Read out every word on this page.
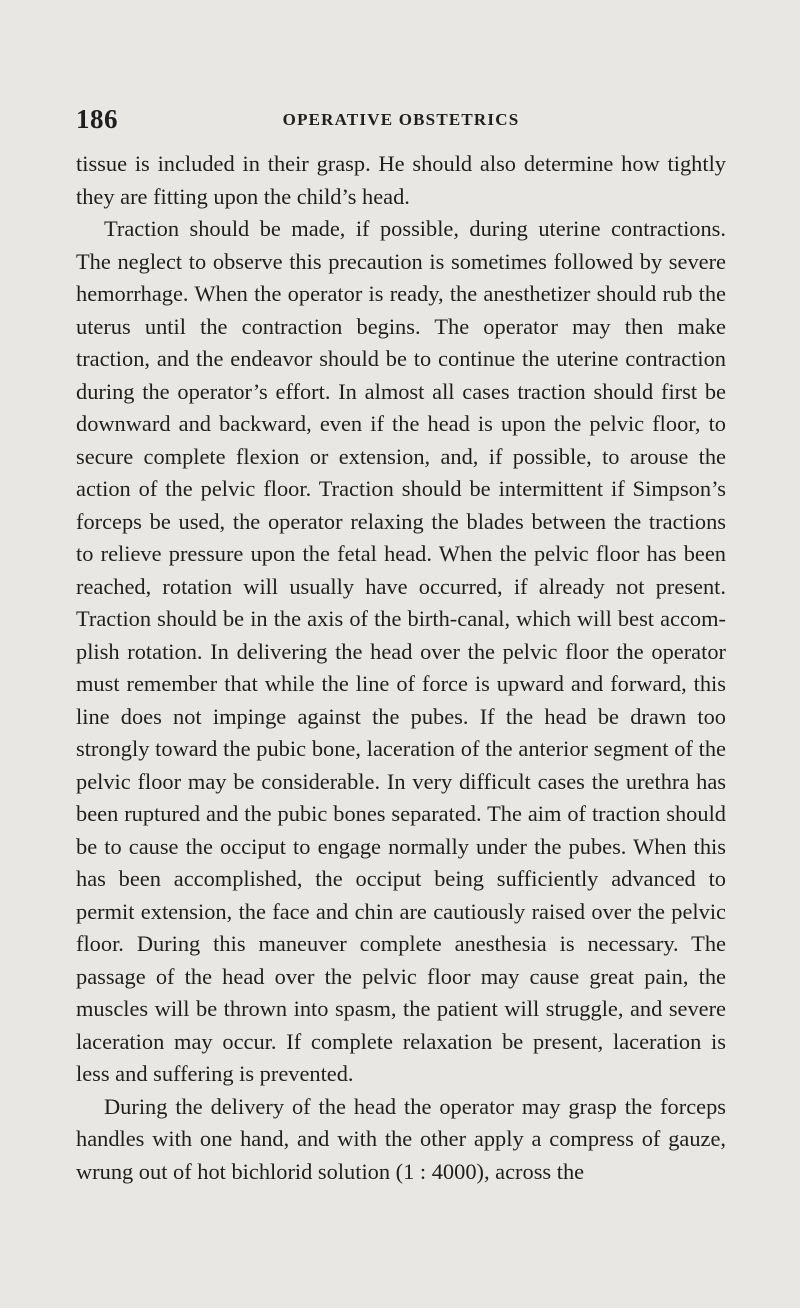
186	OPERATIVE OBSTETRICS

tissue is included in their grasp. He should also determine how tightly they are fitting upon the child’s head.

Traction should be made, if possible, during uterine contractions. The neglect to observe this precaution is sometimes followed by severe hemorrhage. When the operator is ready, the anesthetizer should rub the uterus until the contraction begins. The operator may then make traction, and the endeavor should be to continue the uterine contraction during the operator’s effort. In almost all cases traction should first be downward and backward, even if the head is upon the pelvic floor, to secure complete flexion or extension, and, if possible, to arouse the action of the pelvic floor. Traction should be intermittent if Simpson’s forceps be used, the operator relaxing the blades between the tractions to relieve pressure upon the fetal head. When the pelvic floor has been reached, rotation will usually have occurred, if already not present. Traction should be in the axis of the birth-canal, which will best accomplish rotation. In delivering the head over the pelvic floor the operator must remember that while the line of force is upward and forward, this line does not impinge against the pubes. If the head be drawn too strongly toward the pubic bone, laceration of the anterior segment of the pelvic floor may be considerable. In very difficult cases the urethra has been ruptured and the pubic bones separated. The aim of traction should be to cause the occiput to engage normally under the pubes. When this has been accomplished, the occiput being sufficiently advanced to permit extension, the face and chin are cautiously raised over the pelvic floor. During this maneuver complete anesthesia is necessary. The passage of the head over the pelvic floor may cause great pain, the muscles will be thrown into spasm, the patient will struggle, and severe laceration may occur. If complete relaxation be present, laceration is less and suffering is prevented.

During the delivery of the head the operator may grasp the forceps handles with one hand, and with the other apply a compress of gauze, wrung out of hot bichlorid solution (1 : 4000), across the
